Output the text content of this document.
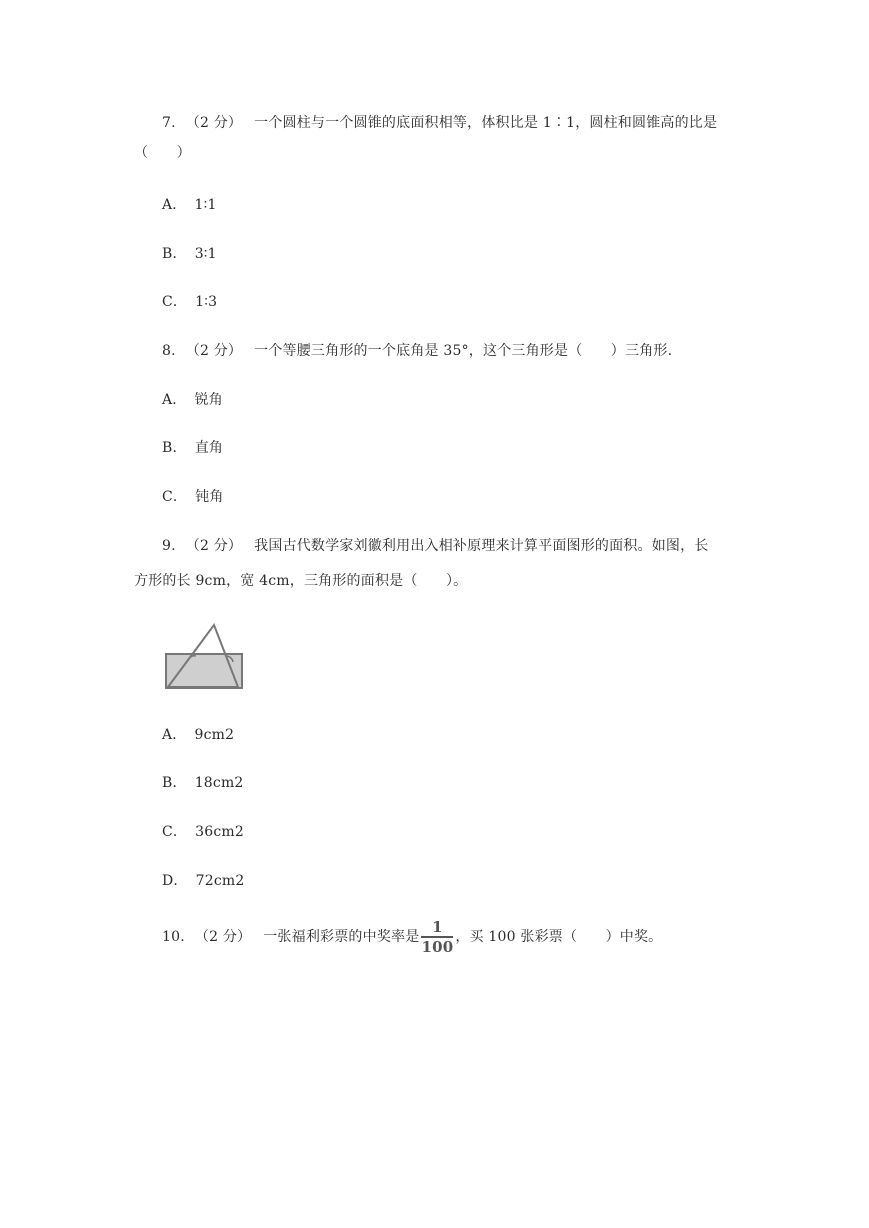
7. （2 分） 一个圆柱与一个圆锥的底面积相等，体积比是 1∶1，圆柱和圆锥高的比是
（　　）
A． 1∶1
B． 3∶1
C． 1∶3
8. （2 分） 一个等腰三角形的一个底角是 35°，这个三角形是（　　）三角形.
A． 锐角
B． 直角
C． 钝角
9. （2 分） 我国古代数学家刘徽利用出入相补原理来计算平面图形的面积。如图，长
方形的长 9cm，宽 4cm，三角形的面积是（　　）。
A． 9cm2
B． 18cm2
C． 36cm2
D． 72cm2
10. （2 分） 一张福利彩票的中奖率是 $\frac{1}{100}$ ，买 100 张彩票（　　）中奖。
